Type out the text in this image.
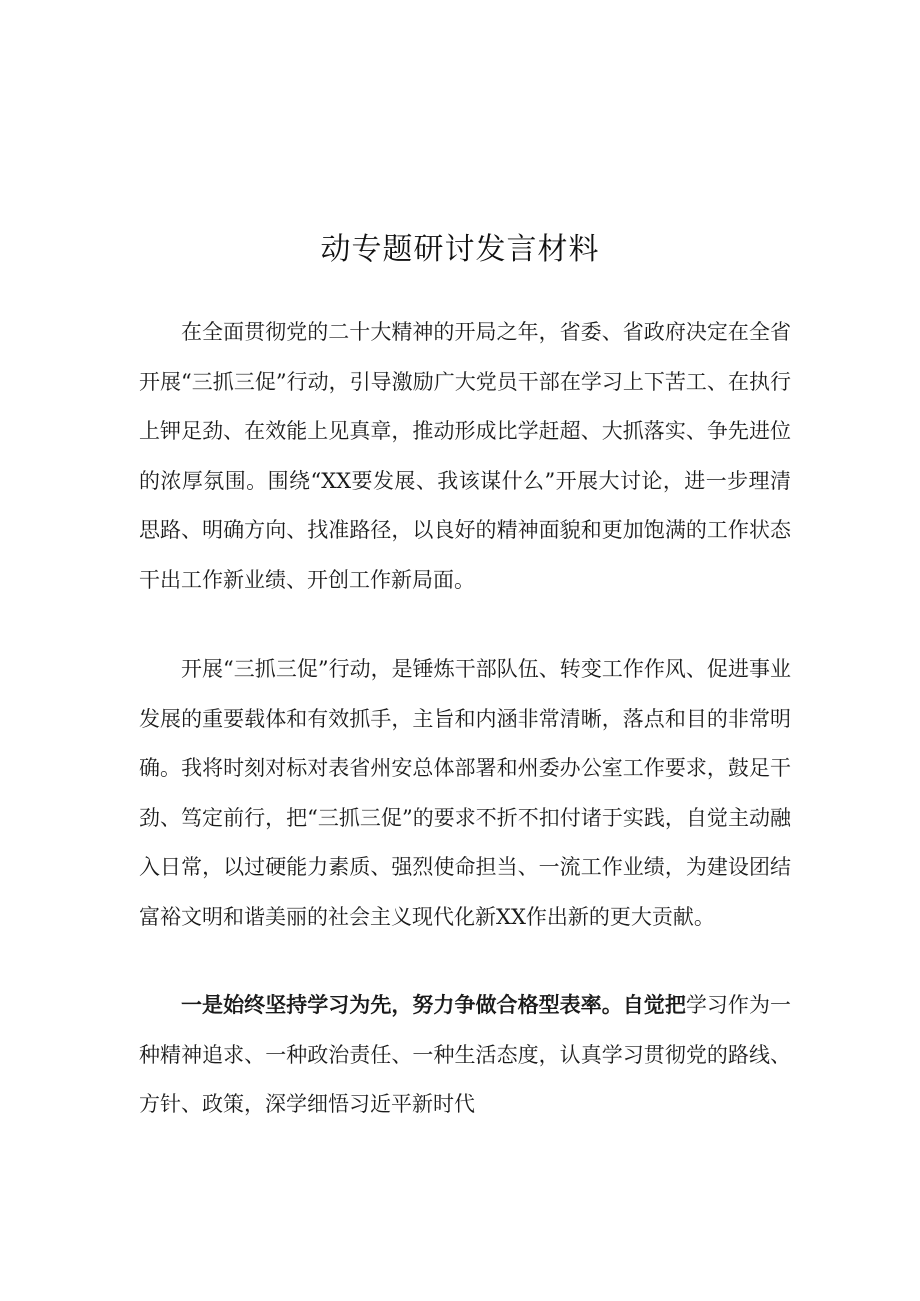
动专题研讨发言材料

在全面贯彻党的二十大精神的开局之年，省委、省政府决定在全省开展“三抓三促”行动，引导激励广大党员干部在学习上下苦工、在执行上钾足劲、在效能上见真章，推动形成比学赶超、大抓落实、争先进位的浓厚氛围。围绕“XX要发展、我该谋什么”开展大讨论，进一步理清思路、明确方向、找准路径，以良好的精神面貌和更加饱满的工作状态干出工作新业绩、开创工作新局面。

开展“三抓三促”行动，是锤炼干部队伍、转变工作作风、促进事业发展的重要载体和有效抓手，主旨和内涵非常清晰，落点和目的非常明确。我将时刻对标对表省州安总体部署和州委办公室工作要求，鼓足干劲、笃定前行，把“三抓三促”的要求不折不扣付诸于实践，自觉主动融入日常，以过硬能力素质、强烈使命担当、一流工作业绩，为建设团结富裕文明和谐美丽的社会主义现代化新XX作出新的更大贡献。

一是始终坚持学习为先，努力争做合格型表率。自觉把学习作为一种精神追求、一种政治责任、一种生活态度，认真学习贯彻党的路线、方针、政策，深学细悟习近平新时代
